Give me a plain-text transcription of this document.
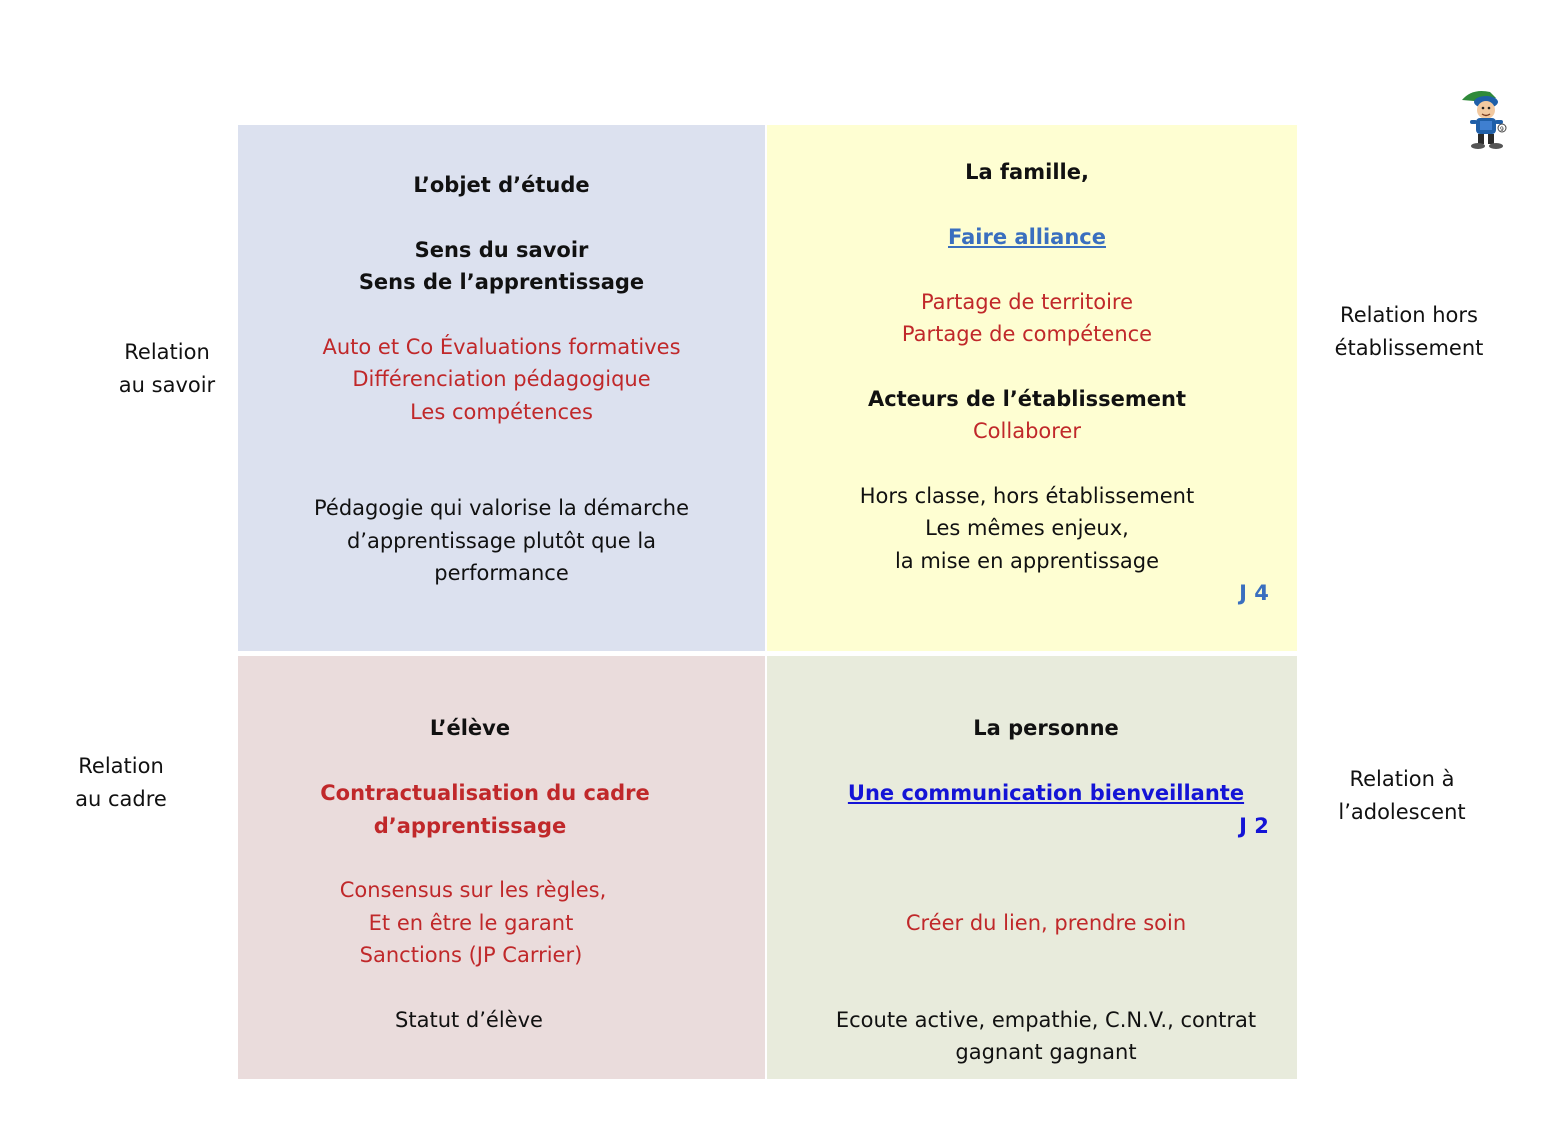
Relation
au savoir
Relation
au cadre
Relation hors
établissement
Relation à
l’adolescent
L’objet d’étude
Sens du savoir
Sens de l’apprentissage
Auto et Co Évaluations formatives
Différenciation pédagogique
Les compétences
Pédagogie qui valorise la démarche
d’apprentissage plutôt que la
performance
La famille,
Faire alliance
Partage de territoire
Partage de compétence
Acteurs de l’établissement
Collaborer
Hors classe, hors établissement
Les mêmes enjeux,
la mise en apprentissage
J 4
L’élève
Contractualisation du cadre
d’apprentissage
Consensus sur les règles,
Et en être le garant
Sanctions (JP Carrier)
Statut d’élève
La personne
Une communication bienveillante
J 2
Créer du lien, prendre soin
Ecoute active, empathie, C.N.V., contrat
gagnant gagnant
9
